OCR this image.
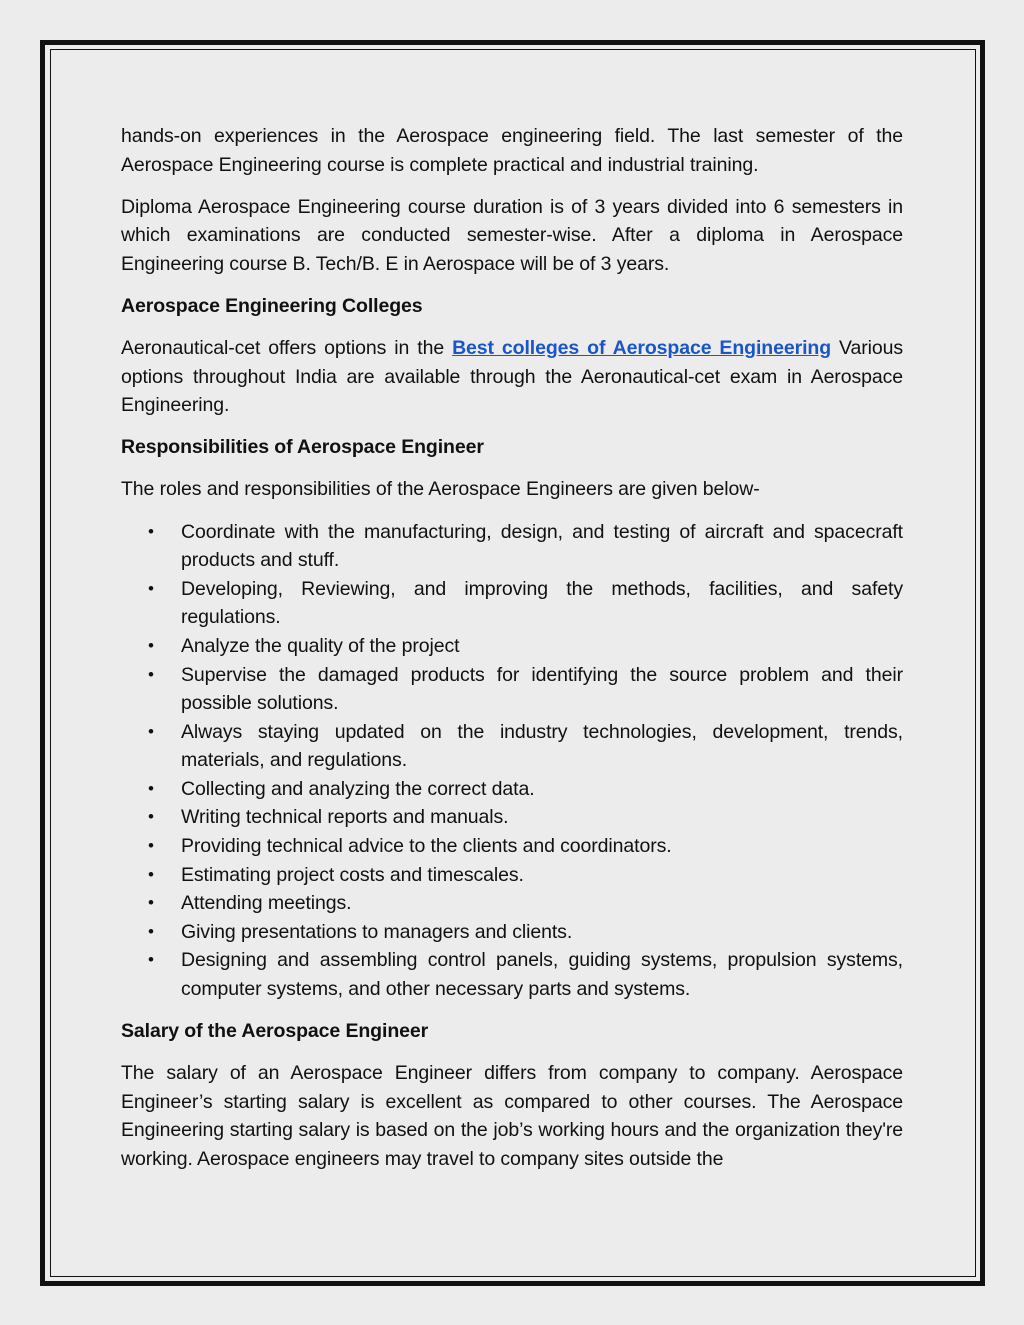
hands-on experiences in the Aerospace engineering field. The last semester of the Aerospace Engineering course is complete practical and industrial training.

Diploma Aerospace Engineering course duration is of 3 years divided into 6 semesters in which examinations are conducted semester-wise. After a diploma in Aerospace Engineering course B. Tech/B. E in Aerospace will be of 3 years.

Aerospace Engineering Colleges

Aeronautical-cet offers options in the Best colleges of Aerospace Engineering Various options throughout India are available through the Aeronautical-cet exam in Aerospace Engineering.

Responsibilities of Aerospace Engineer

The roles and responsibilities of the Aerospace Engineers are given below-

• Coordinate with the manufacturing, design, and testing of aircraft and spacecraft products and stuff.
• Developing, Reviewing, and improving the methods, facilities, and safety regulations.
• Analyze the quality of the project
• Supervise the damaged products for identifying the source problem and their possible solutions.
• Always staying updated on the industry technologies, development, trends, materials, and regulations.
• Collecting and analyzing the correct data.
• Writing technical reports and manuals.
• Providing technical advice to the clients and coordinators.
• Estimating project costs and timescales.
• Attending meetings.
• Giving presentations to managers and clients.
• Designing and assembling control panels, guiding systems, propulsion systems, computer systems, and other necessary parts and systems.
Salary of the Aerospace Engineer

The salary of an Aerospace Engineer differs from company to company. Aerospace Engineer’s starting salary is excellent as compared to other courses. The Aerospace Engineering starting salary is based on the job’s working hours and the organization they're working. Aerospace engineers may travel to company sites outside the
